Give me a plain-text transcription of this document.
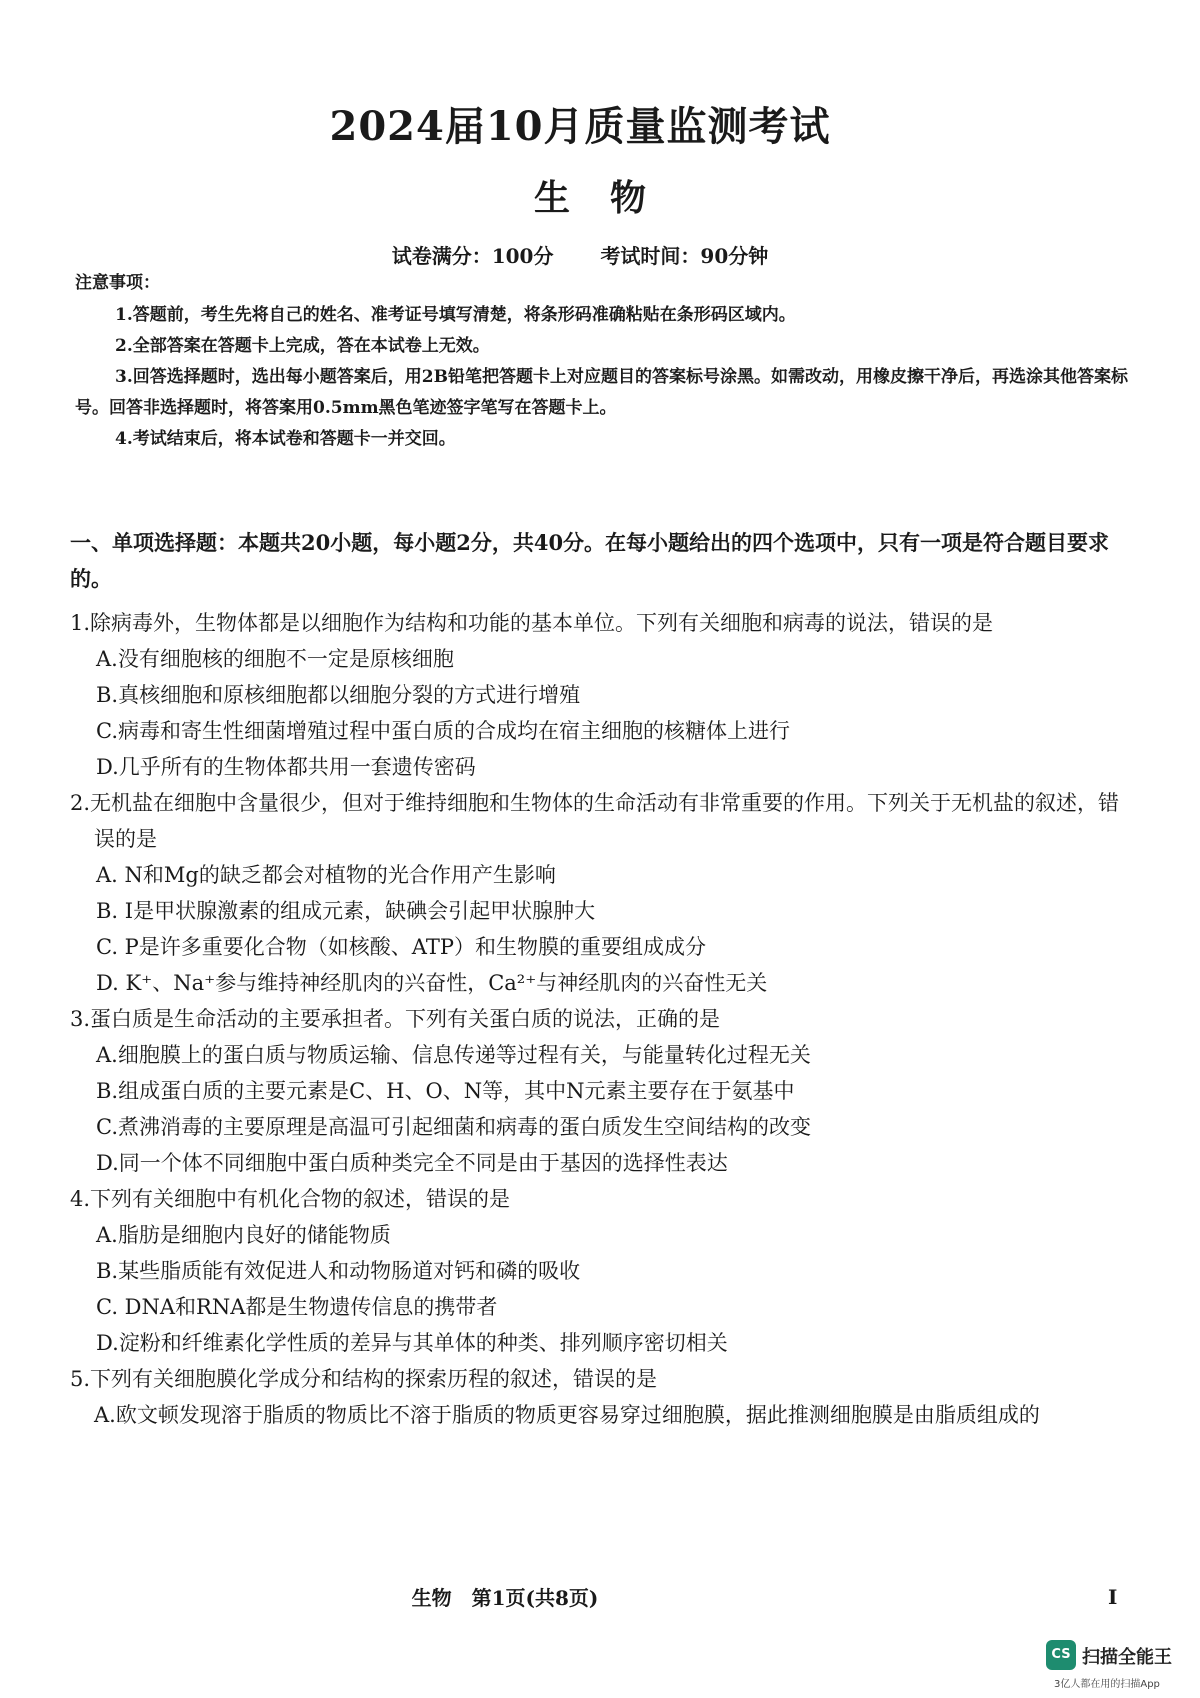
2024届10月质量监测考试
生物
试卷满分：100分 考试时间：90分钟
注意事项：

1.答题前，考生先将自己的姓名、准考证号填写清楚，将条形码准确粘贴在条形码区域内。

2.全部答案在答题卡上完成，答在本试卷上无效。

3.回答选择题时，选出每小题答案后，用2B铅笔把答题卡上对应题目的答案标号涂黑。如需改动，用橡皮擦干净后，再选涂其他答案标号。回答非选择题时，将答案用0.5mm黑色笔迹签字笔写在答题卡上。

4.考试结束后，将本试卷和答题卡一并交回。

一、单项选择题：本题共20小题，每小题2分，共40分。在每小题给出的四个选项中，只有一项是符合题目要求的。
1.除病毒外，生物体都是以细胞作为结构和功能的基本单位。下列有关细胞和病毒的说法，错误的是
A.没有细胞核的细胞不一定是原核细胞
B.真核细胞和原核细胞都以细胞分裂的方式进行增殖
C.病毒和寄生性细菌增殖过程中蛋白质的合成均在宿主细胞的核糖体上进行
D.几乎所有的生物体都共用一套遗传密码
2.无机盐在细胞中含量很少，但对于维持细胞和生物体的生命活动有非常重要的作用。下列关于无机盐的叙述，错误的是
A. N和Mg的缺乏都会对植物的光合作用产生影响
B. I是甲状腺激素的组成元素，缺碘会引起甲状腺肿大
C. P是许多重要化合物（如核酸、ATP）和生物膜的重要组成成分
D. K⁺、Na⁺参与维持神经肌肉的兴奋性，Ca²⁺与神经肌肉的兴奋性无关
3.蛋白质是生命活动的主要承担者。下列有关蛋白质的说法，正确的是
A.细胞膜上的蛋白质与物质运输、信息传递等过程有关，与能量转化过程无关
B.组成蛋白质的主要元素是C、H、O、N等，其中N元素主要存在于氨基中
C.煮沸消毒的主要原理是高温可引起细菌和病毒的蛋白质发生空间结构的改变
D.同一个体不同细胞中蛋白质种类完全不同是由于基因的选择性表达
4.下列有关细胞中有机化合物的叙述，错误的是
A.脂肪是细胞内良好的储能物质
B.某些脂质能有效促进人和动物肠道对钙和磷的吸收
C. DNA和RNA都是生物遗传信息的携带者
D.淀粉和纤维素化学性质的差异与其单体的种类、排列顺序密切相关
5.下列有关细胞膜化学成分和结构的探索历程的叙述，错误的是
A.欧文顿发现溶于脂质的物质比不溶于脂质的物质更容易穿过细胞膜，据此推测细胞膜是由脂质组成的
生物　第1页(共8页)	I
CS 扫描全能王
3亿人都在用的扫描App
